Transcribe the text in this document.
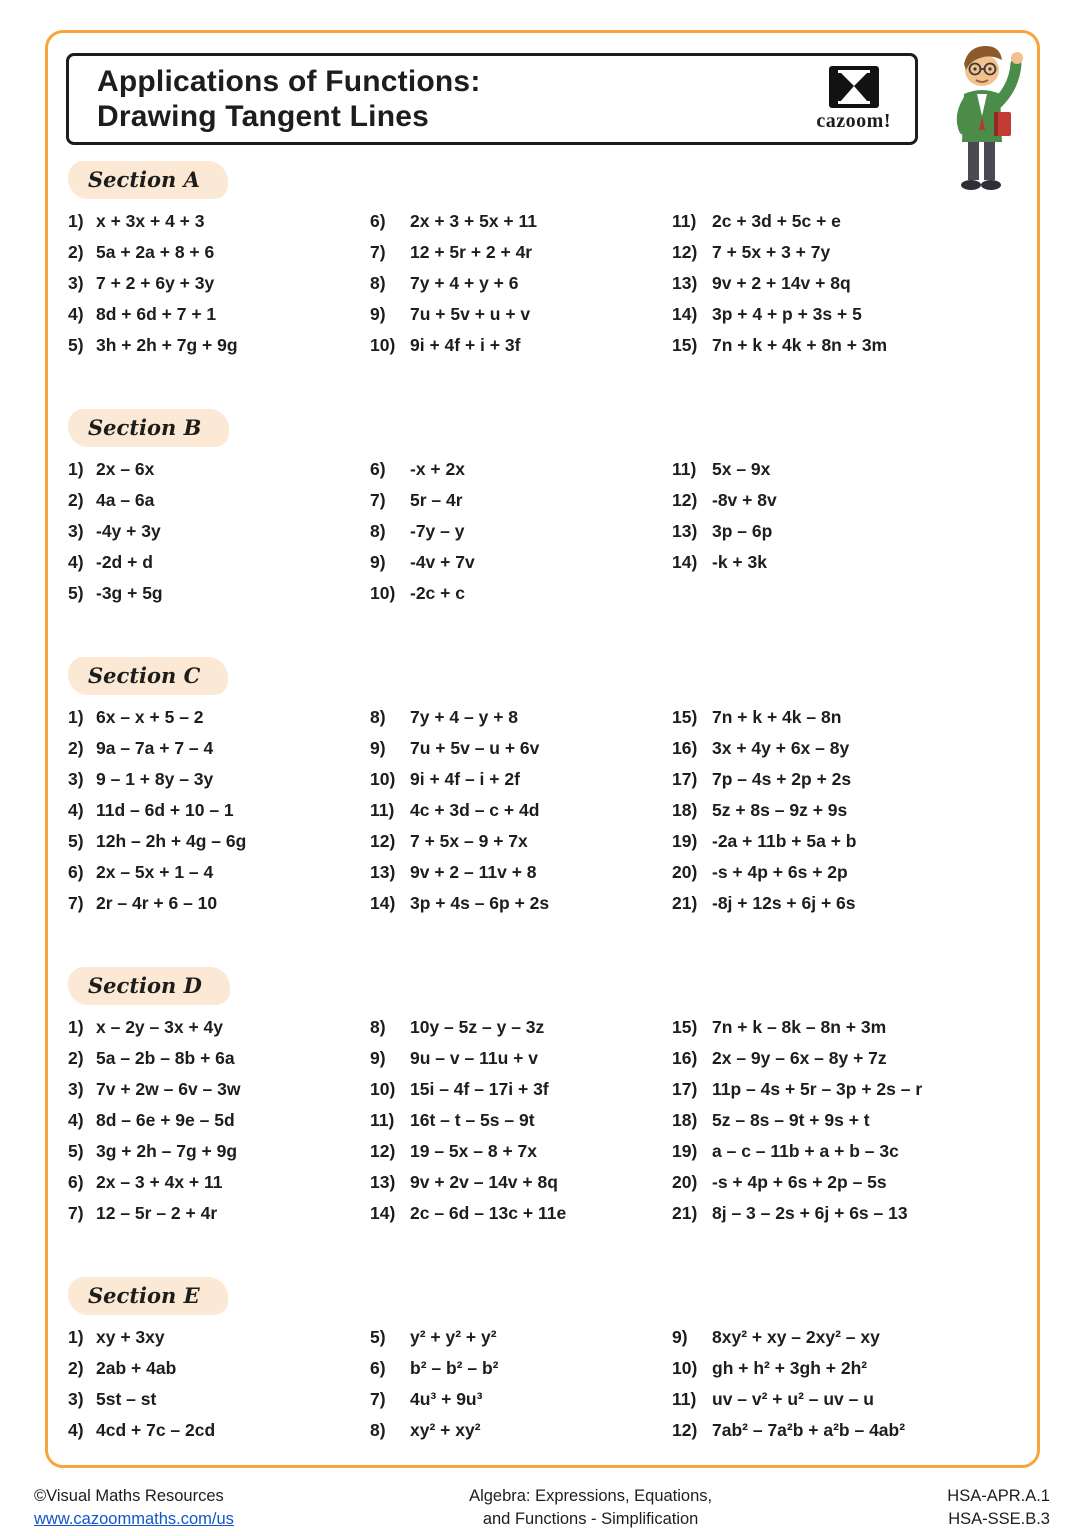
Applications of Functions:
Drawing Tangent Lines	cazoom!
Section A
1) x + 3x + 4 + 3
2) 5a + 2a + 8 + 6
3) 7 + 2 + 6y + 3y
4) 8d + 6d + 7 + 1
5) 3h + 2h + 7g + 9g
6)	2x + 3 + 5x + 11
7)	12 + 5r + 2 + 4r
8)	7y + 4 + y + 6
9)	7u + 5v + u + v
10) 9i + 4f + i + 3f
11) 2c + 3d + 5c + e
12) 7 + 5x + 3 + 7y
13) 9v + 2 + 14v + 8q
14) 3p + 4 + p + 3s + 5
15) 7n + k + 4k + 8n + 3m
Section B
1) 2x – 6x
2) 4a – 6a
3) -4y + 3y
4) -2d + d
5) -3g + 5g
6)	-x + 2x
7)	5r – 4r
8)	-7y – y
9)	-4v + 7v
10) -2c + c
11) 5x – 9x
12) -8v + 8v
13) 3p – 6p
14) -k + 3k
Section C
1) 6x – x + 5 – 2
2) 9a – 7a + 7 – 4
3) 9 – 1 + 8y – 3y
4) 11d – 6d + 10 – 1
5) 12h – 2h + 4g – 6g
6) 2x – 5x + 1 – 4
7) 2r – 4r + 6 – 10
8)	7y + 4 – y + 8
9)	7u + 5v – u + 6v
10) 9i + 4f – i + 2f
11) 4c + 3d – c + 4d
12) 7 + 5x – 9 + 7x
13) 9v + 2 – 11v + 8
14) 3p + 4s – 6p + 2s
15) 7n + k + 4k – 8n
16) 3x + 4y + 6x – 8y
17) 7p – 4s + 2p + 2s
18) 5z + 8s – 9z + 9s
19) -2a + 11b + 5a + b
20) -s + 4p + 6s + 2p
21) -8j + 12s + 6j + 6s
Section D
1) x – 2y – 3x + 4y
2) 5a – 2b – 8b + 6a
3) 7v + 2w – 6v – 3w
4) 8d – 6e + 9e – 5d
5) 3g + 2h – 7g + 9g
6) 2x – 3 + 4x + 11
7) 12 – 5r – 2 + 4r
8)	10y – 5z – y – 3z
9)	9u – v – 11u + v
10) 15i – 4f – 17i + 3f
11) 16t – t – 5s – 9t
12) 19 – 5x – 8 + 7x
13) 9v + 2v – 14v + 8q
14) 2c – 6d – 13c + 11e
15) 7n + k – 8k – 8n + 3m
16) 2x – 9y – 6x – 8y + 7z
17) 11p – 4s + 5r – 3p + 2s – r
18) 5z – 8s – 9t + 9s + t
19) a – c – 11b + a + b – 3c
20) -s + 4p + 6s + 2p – 5s
21) 8j – 3 – 2s + 6j + 6s – 13
Section E
1) xy + 3xy
2) 2ab + 4ab
3) 5st – st
4) 4cd + 7c – 2cd
5)	y² + y² + y²
6)	b² – b² – b²
7)	4u³ + 9u³
8)	xy² + xy²
9)	8xy² + xy – 2xy² – xy
10) gh + h² + 3gh + 2h²
11) uv – v² + u² – uv – u
12) 7ab² – 7a²b + a²b – 4ab²
©Visual Maths Resources
www.cazoommaths.com/us
Algebra: Expressions, Equations,
and Functions - Simplification
HSA-APR.A.1
HSA-SSE.B.3
